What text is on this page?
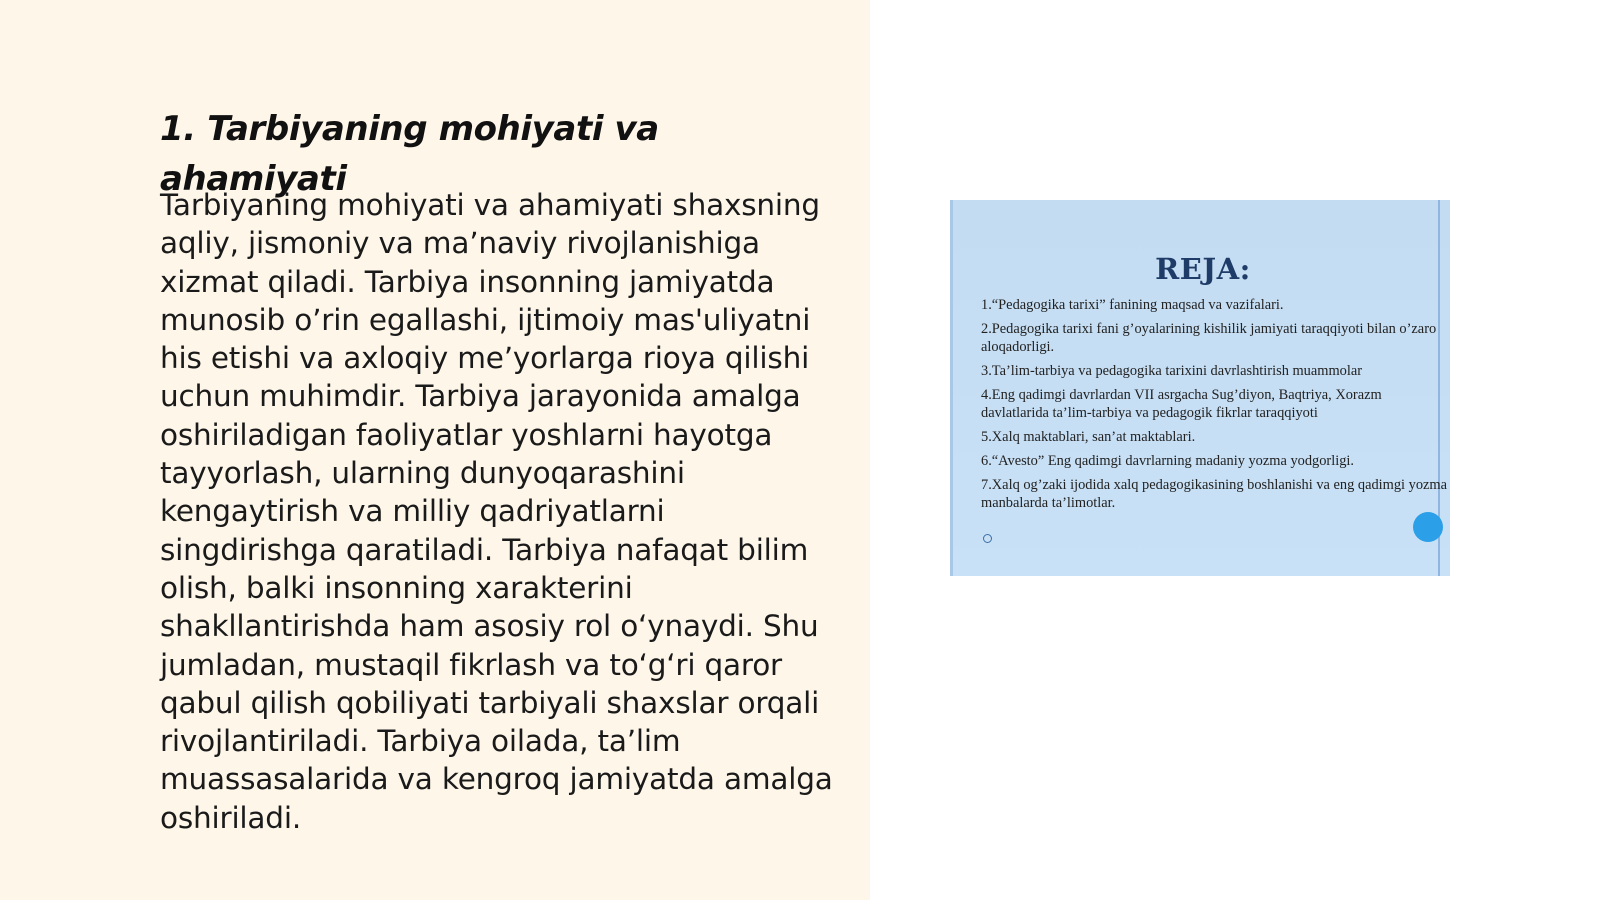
1. Tarbiyaning mohiyati va ahamiyati

Tarbiyaning mohiyati va ahamiyati shaxsning aqliy, jismoniy va ma’naviy rivojlanishiga xizmat qiladi. Tarbiya insonning jamiyatda munosib o’rin egallashi, ijtimoiy mas'uliyatni his etishi va axloqiy me’yorlarga rioya qilishi uchun muhimdir. Tarbiya jarayonida amalga oshiriladigan faoliyatlar yoshlarni hayotga tayyorlash, ularning dunyoqarashini kengaytirish va milliy qadriyatlarni singdirishga qaratiladi. Tarbiya nafaqat bilim olish, balki insonning xarakterini shakllantirishda ham asosiy rol o‘ynaydi. Shu jumladan, mustaqil fikrlash va to‘g‘ri qaror qabul qilish qobiliyati tarbiyali shaxslar orqali rivojlantiriladi. Tarbiya oilada, ta’lim muassasalarida va kengroq jamiyatda amalga oshiriladi.

REJA:

1.“Pedagogika tarixi” fanining maqsad va vazifalari.
2.Pedagogika tarixi fani g’oyalarining kishilik jamiyati taraqqiyoti bilan o’zaro aloqadorligi.
3.Ta’lim-tarbiya va pedagogika tarixini davrlashtirish muammolar
4.Eng qadimgi davrlardan VII asrgacha Sug’diyon, Baqtriya, Xorazm davlatlarida ta’lim-tarbiya va pedagogik fikrlar taraqqiyoti
5.Xalq maktablari, san’at maktablari.
6.“Avesto” Eng qadimgi davrlarning madaniy yozma yodgorligi.
7.Xalq og’zaki ijodida xalq pedagogikasining boshlanishi va eng qadimgi yozma manbalarda ta’limotlar.
